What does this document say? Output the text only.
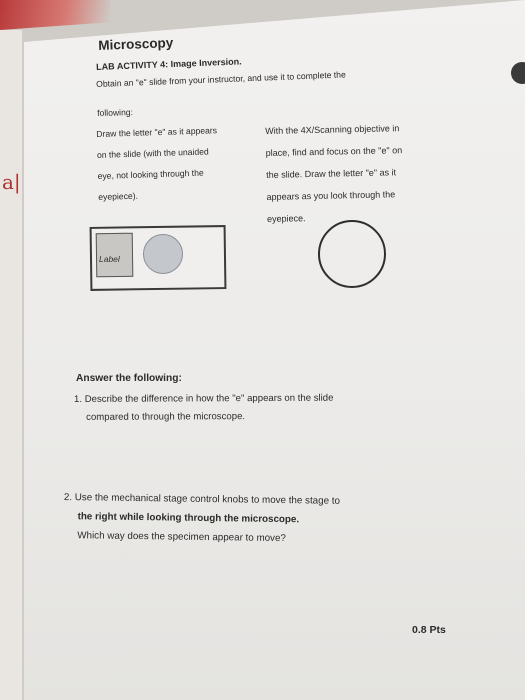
a|
Microscopy
LAB ACTIVITY 4: Image Inversion.
Obtain an "e" slide from your instructor, and use it to complete the
following:
Draw the letter "e" as it appears
on the slide (with the unaided
eye, not looking through the
eyepiece).
With the 4X/Scanning objective in
place, find and focus on the "e" on
the slide. Draw the letter "e" as it
appears as you look through the
eyepiece.
Label
Answer the following:
1. Describe the difference in how the "e" appears on the slide
compared to through the microscope.
2. Use the mechanical stage control knobs to move the stage to
the right while looking through the microscope.
Which way does the specimen appear to move?
0.8 Pts
